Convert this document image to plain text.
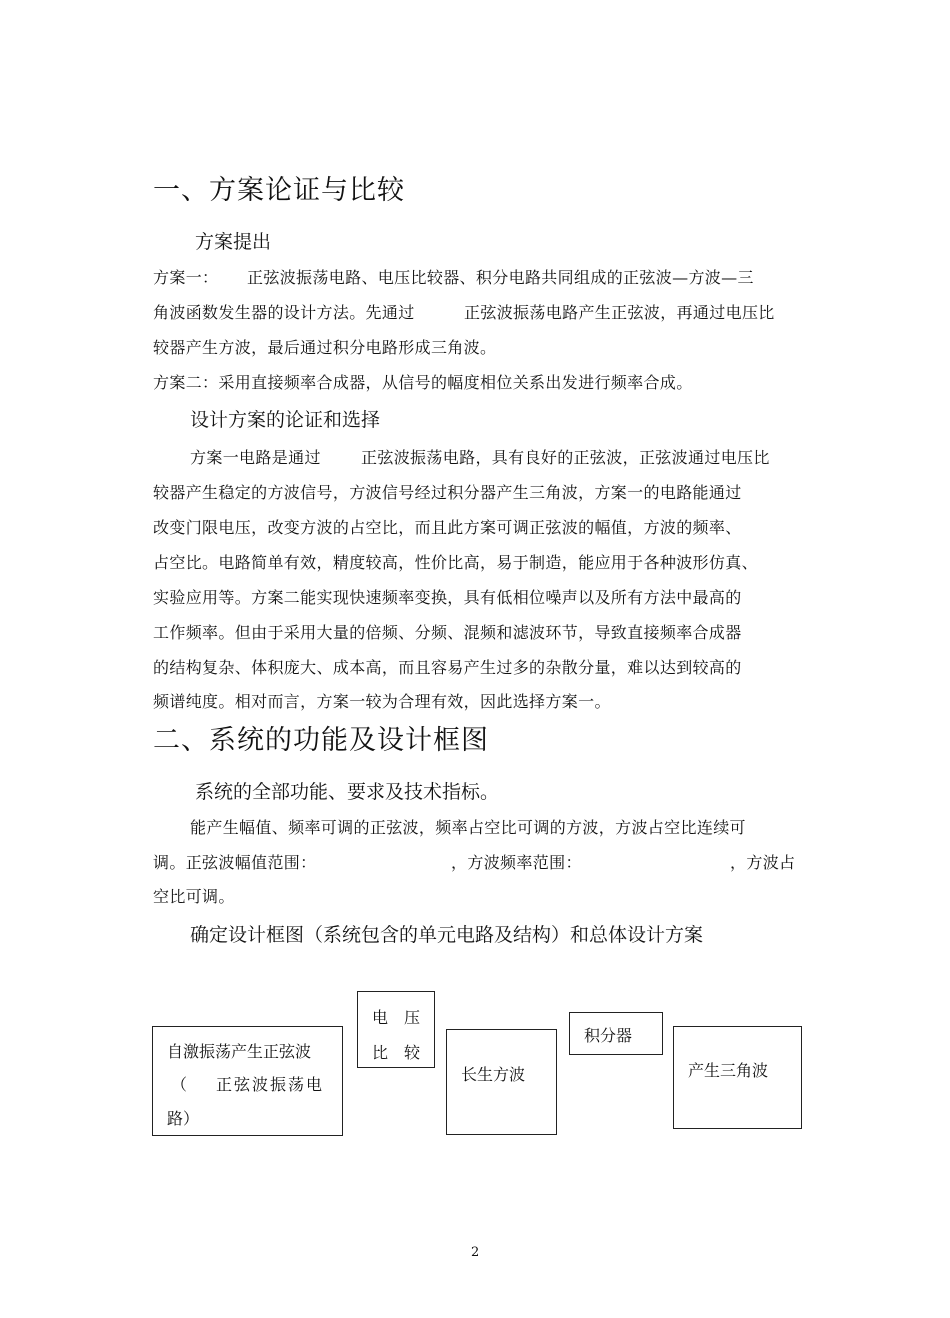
一、方案论证与比较
方案提出
方案一： 正弦波振荡电路、电压比较器、积分电路共同组成的正弦波—方波—三
角波函数发生器的设计方法。先通过	正弦波振荡电路产生正弦波，再通过电压比
较器产生方波，最后通过积分电路形成三角波。
方案二：采用直接频率合成器，从信号的幅度相位关系出发进行频率合成。
设计方案的论证和选择
方案一电路是通过	正弦波振荡电路，具有良好的正弦波，正弦波通过电压比
较器产生稳定的方波信号，方波信号经过积分器产生三角波，方案一的电路能通过
改变门限电压，改变方波的占空比，而且此方案可调正弦波的幅值，方波的频率、
占空比。电路简单有效，精度较高，性价比高，易于制造，能应用于各种波形仿真、
实验应用等。方案二能实现快速频率变换，具有低相位噪声以及所有方法中最高的
工作频率。但由于采用大量的倍频、分频、混频和滤波环节，导致直接频率合成器
的结构复杂、体积庞大、成本高，而且容易产生过多的杂散分量，难以达到较高的
频谱纯度。相对而言，方案一较为合理有效，因此选择方案一。
二、系统的功能及设计框图
系统的全部功能、要求及技术指标。
能产生幅值、频率可调的正弦波，频率占空比可调的方波，方波占空比连续可
调。正弦波幅值范围：	，方波频率范围：	，方波占
空比可调。
确定设计框图（系统包含的单元电路及结构）和总体设计方案
自激振荡产生正弦波
（ 正弦波振荡电
路）
电　压
比　较
长生方波
积分器
产生三角波
2
